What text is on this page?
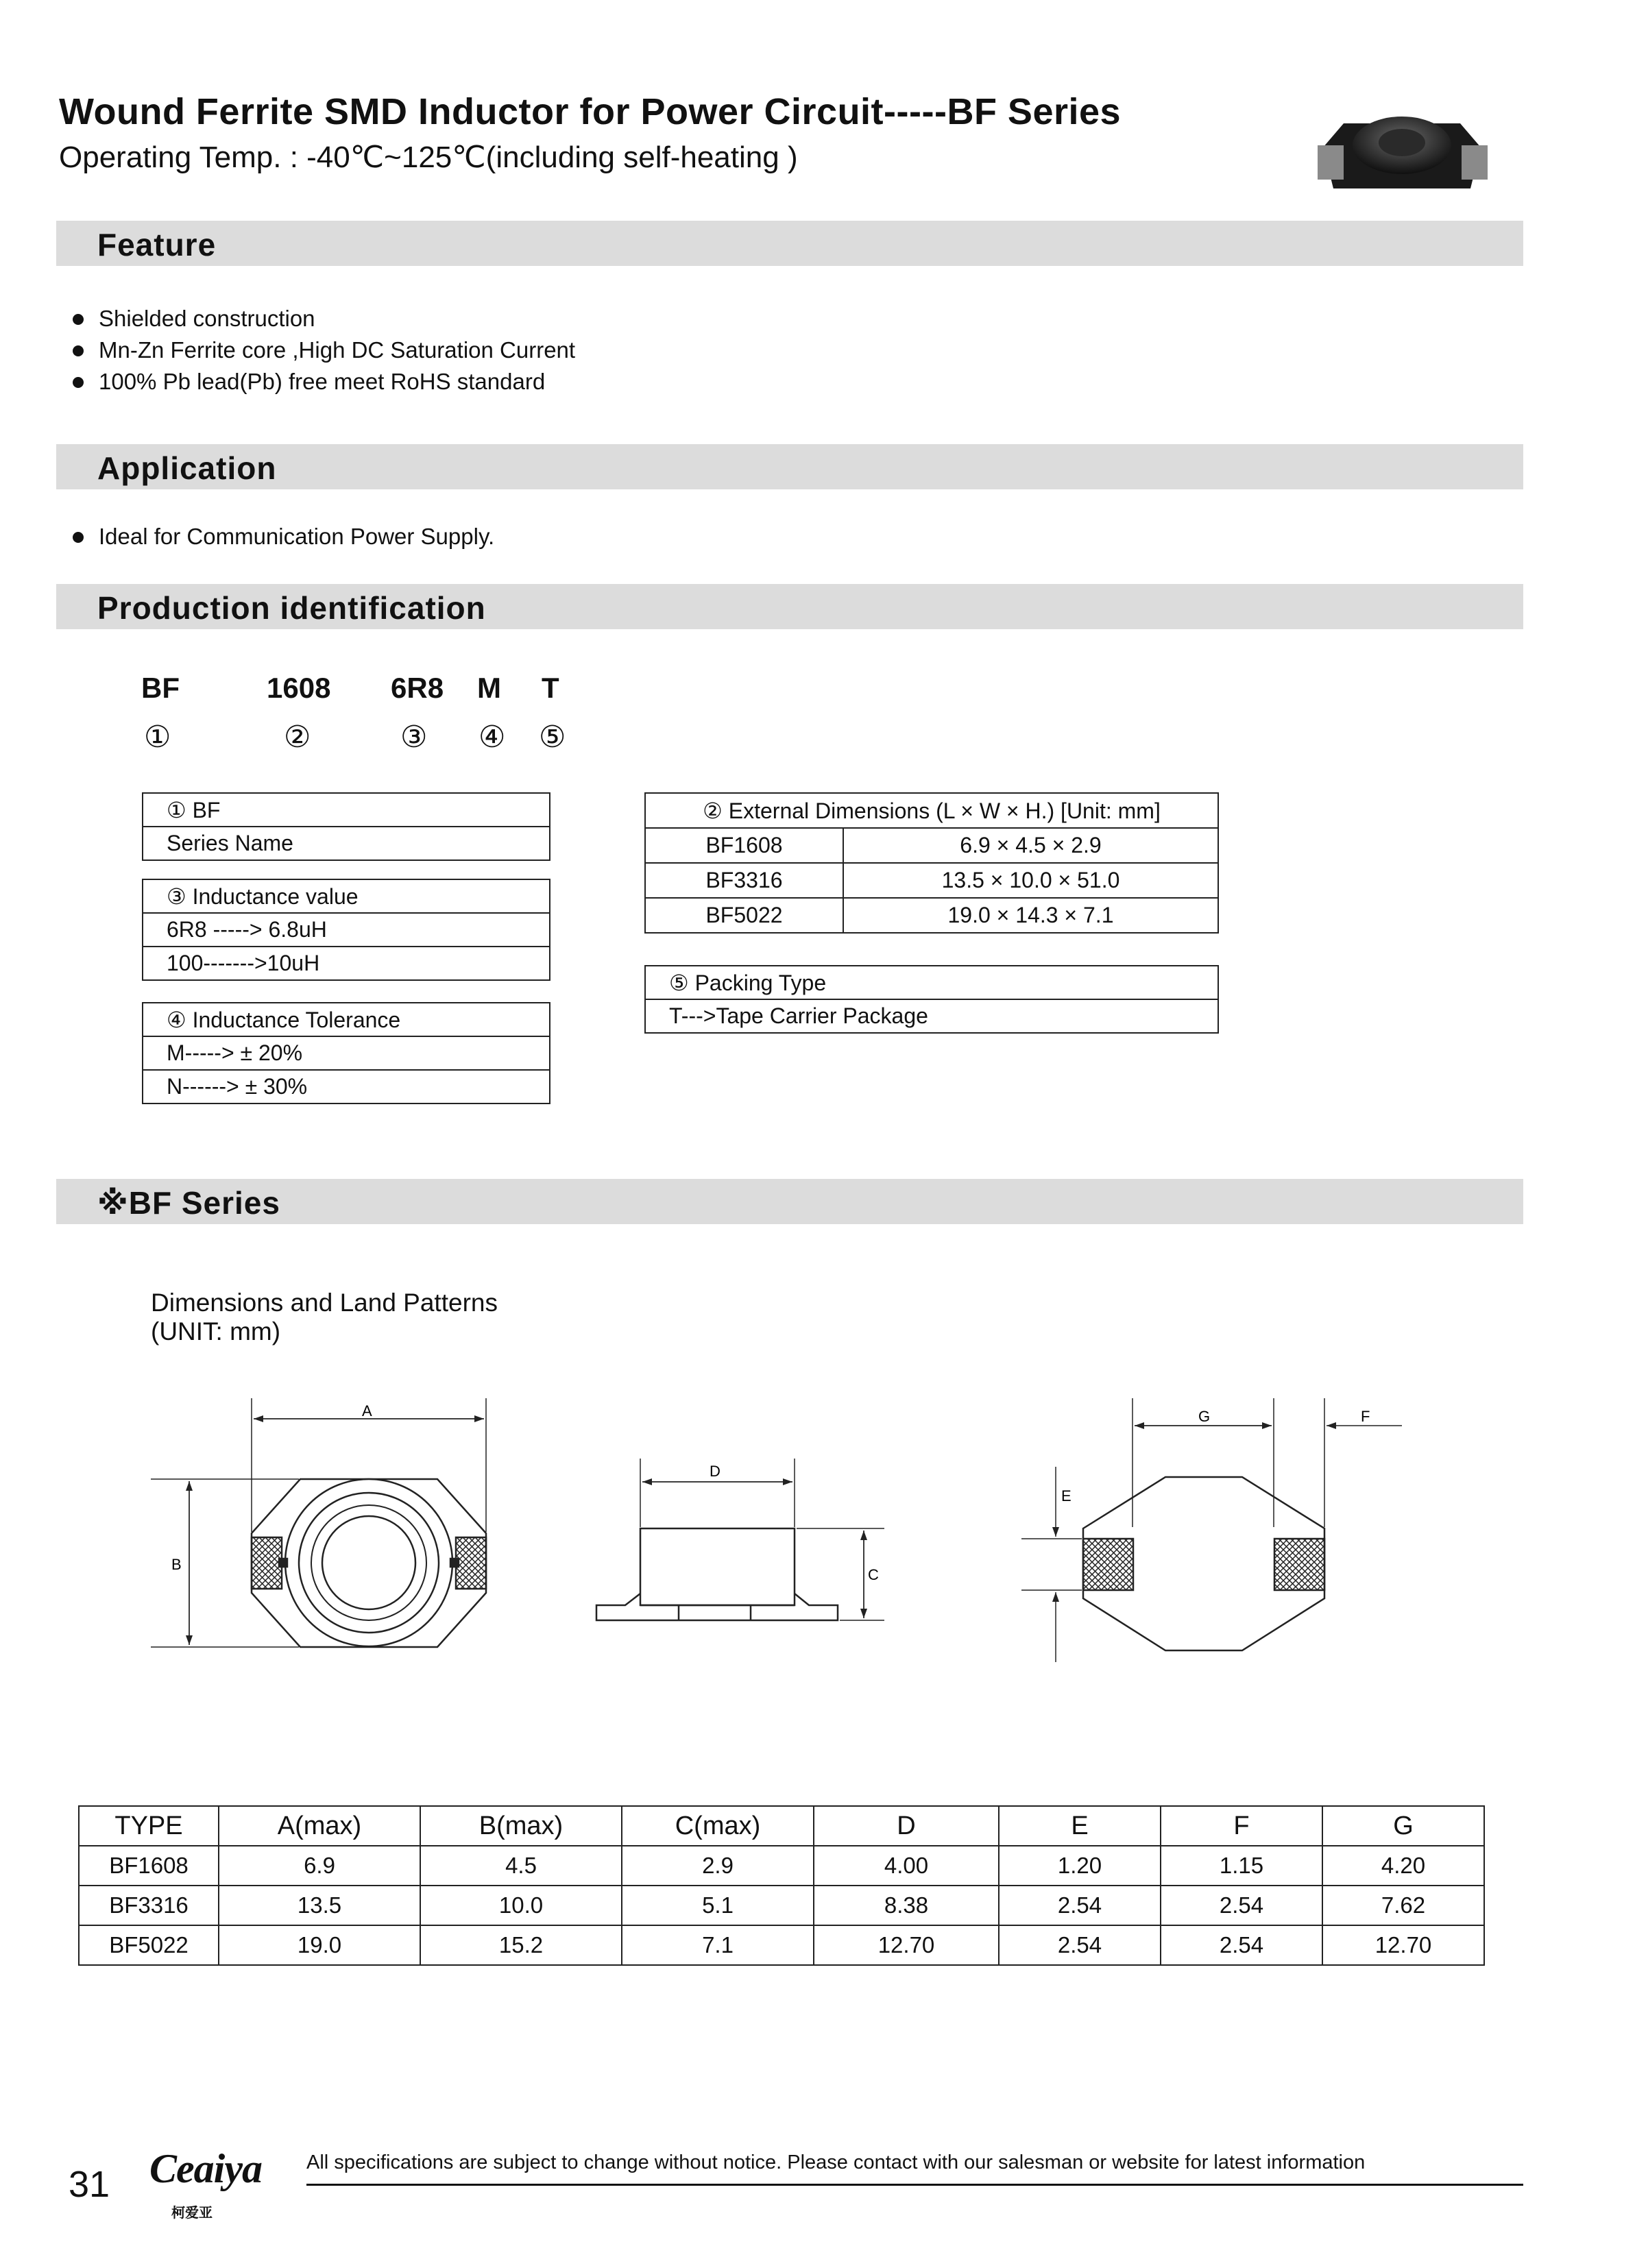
Wound Ferrite SMD Inductor for Power Circuit-----BF Series
Operating Temp. : -40℃~125℃(including self-heating )
Feature
Shielded construction
Mn-Zn Ferrite core ,High DC Saturation Current
100% Pb lead(Pb) free meet RoHS standard
Application
Ideal for Communication Power Supply.
Production identification
BF	1608 6R8 M T
①	②	③ ④ ⑤
① BF
Series Name
③ Inductance value
6R8 -----> 6.8uH
100------->10uH
④ Inductance Tolerance
M-----> ± 20%
N------> ± 30%
② External Dimensions (L × W × H.) [Unit: mm]	
BF1608	6.9 × 4.5 × 2.9
BF3316	13.5 × 10.0 × 51.0
BF5022	19.0 × 14.3 × 7.1
⑤ Packing Type
T--->Tape Carrier Package
※BF Series
Dimensions and Land Patterns
(UNIT: mm)
A
B
D
C
G	F
E
TYPE	A(max)	B(max)	C(max)	D	E	F	G
BF1608	6.9	4.5	2.9	4.00	1.20	1.15	4.20
BF3316	13.5	10.0	5.1	8.38	2.54	2.54	7.62
BF5022	19.0	15.2	7.1	12.70	2.54	2.54	12.70
31 Ceaiya
柯爱亚
All specifications are subject to change without notice. Please contact with our salesman or website for latest information
